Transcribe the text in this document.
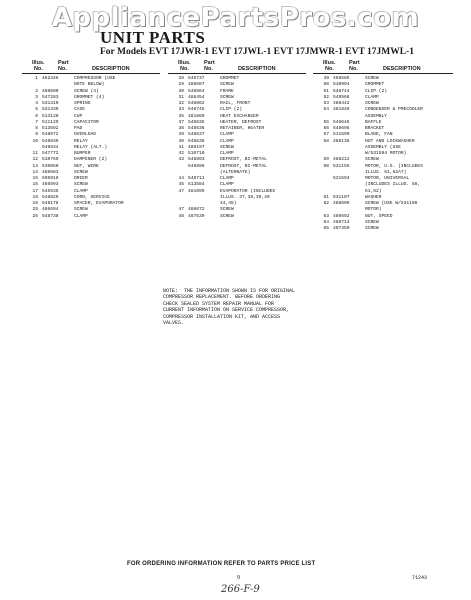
AppliancePartsPros.com
UNIT PARTS
For Models EVT 17JWR-1 EVT 17JWL-1 EVT 17JMWR-1 EVT 17JMWL-1
Illus. Part
No.	No.	DESCRIPTION
1 462346	COMPRESSOR (USE
NOTE BELOW)
2 488600	SCREW (4)
3 547283	GROMMET (4)
4 531310	SPRING
5 531339	CASE
6 513120	CUP
7 511129	CAPACITOR
8 513592	PAD
9 548972	OVERLOAD
10 548836	RELAY
548834	RELAY (ALT.)
11 547772	BUMPER
12 510769	DAMPENER (2)
13 530050	NUT, WIRE
14 488683	SCREW
15 505919	DRIER
16 486993	SCREW
17 545935	CLAMP
18 548826	CORD, SERVICE
19 549178	SPACER, EVAPORATOR
25 486694	SCREW
26 548738	CLAMP
Illus. Part
No.	No.	DESCRIPTION
28 548737	GROMMET
29 488687	SCREW
30 548864	FRAME
31 488454	SCREW
32 548862	RAIL, FRONT
33 548745	CLIP (2)
35 481860	HEAT EXCHANGER
37 548635	HEATER, DEFROST
38 548636	RETAINER, HEATER
39 548637	CLAMP
40 548638	CLAMP
41 488197	SCREW
42 510716	CLAMP
43 548893	DEFROST, BI-METAL
548896	DEFROST, BI-METAL
(ALTERNATE)
44 548711	CLAMP
45 513584	CLAMP
47 481099	EVAPORATOR (INCLUDES
ILLUS. 37,38,39,40
44,45)
47 486072	SCREW
48 487539	SCREW
Illus. Part
No.	No.	DESCRIPTION
49 488585	SCREW
50 510994	GROMMET
51 548744	CLIP (2)
52 549568	CLAMP
53 488442	SCREW
54 481846	CONDENSER & PRECOOLER
ASSEMBLY
55 548646	BAFFLE
56 548695	BRACKET
57 511590	BLADE, FAN
58 488138	NUT AND LOCKWASHER
ASSEMBLY (USE
W/531594 MOTOR)
59 488212	SCREW
60 531156	MOTOR, U.S. (INCLUDES
ILLUS. 61,62A7)
531594	MOTOR, UNIVERSAL
(INCLUDES ILLUS. 58,
61,62)
61 531107	WASHER
62 488609	SCREW (USE W/531106
MOTOR)
63 486692	NUT, SPEED
64 488713	SCREW
65 497350	SCREW
NOTE:  THE INFORMATION SHOWN IS FOR ORIGINAL
COMPRESSOR REPLACEMENT. BEFORE ORDERING
CHECK SEALED SYSTEM REPAIR MANUAL FOR
CURRENT INFORMATION ON SERVICE COMPRESSOR,
COMPRESSOR INSTALLATION KIT, AND ACCESS
VALVES.
FOR ORDERING INFORMATION REFER TO PARTS PRICE LIST
9	71243
266-F-9
